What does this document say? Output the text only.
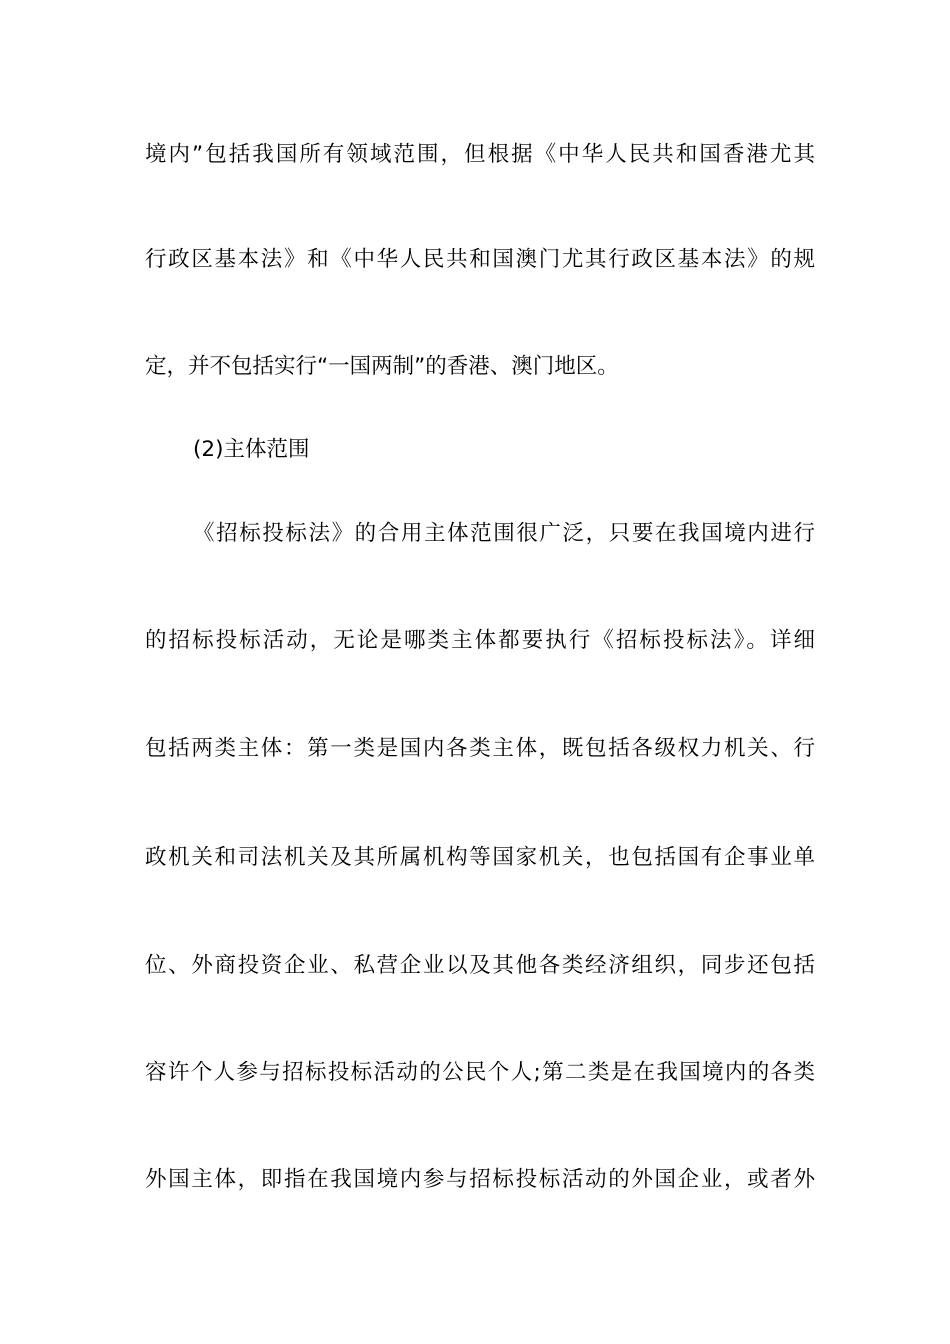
境内”包括我国所有领域范围，但根据《中华人民共和国香港尤其
行政区基本法》和《中华人民共和国澳门尤其行政区基本法》的规
定，并不包括实行“一国两制”的香港、澳门地区。
(2)主体范围
《招标投标法》的合用主体范围很广泛，只要在我国境内进行
的招标投标活动，无论是哪类主体都要执行《招标投标法》。详细
包括两类主体：第一类是国内各类主体，既包括各级权力机关、行
政机关和司法机关及其所属机构等国家机关，也包括国有企事业单
位、外商投资企业、私营企业以及其他各类经济组织，同步还包括
容许个人参与招标投标活动的公民个人;第二类是在我国境内的各类
外国主体，即指在我国境内参与招标投标活动的外国企业，或者外
